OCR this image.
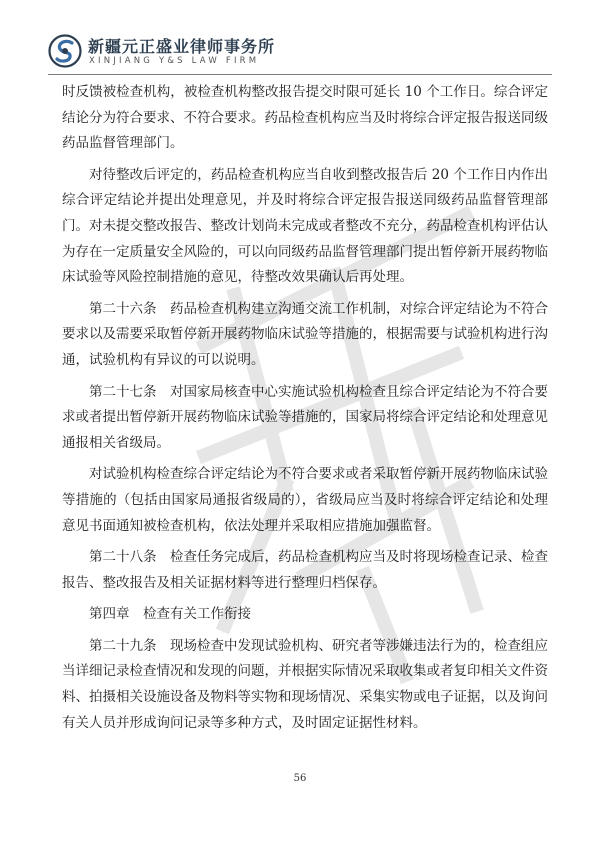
新疆元正盛业律师事务所
XINJIANG Y&S LAW FIRM

时反馈被检查机构，被检查机构整改报告提交时限可延长 10 个工作日。综合评定结论分为符合要求、不符合要求。药品检查机构应当及时将综合评定报告报送同级药品监督管理部门。

对待整改后评定的，药品检查机构应当自收到整改报告后 20 个工作日内作出综合评定结论并提出处理意见，并及时将综合评定报告报送同级药品监督管理部门。对未提交整改报告、整改计划尚未完成或者整改不充分，药品检查机构评估认为存在一定质量安全风险的，可以向同级药品监督管理部门提出暂停新开展药物临床试验等风险控制措施的意见，待整改效果确认后再处理。

第二十六条　药品检查机构建立沟通交流工作机制，对综合评定结论为不符合要求以及需要采取暂停新开展药物临床试验等措施的，根据需要与试验机构进行沟通，试验机构有异议的可以说明。

第二十七条　对国家局核查中心实施试验机构检查且综合评定结论为不符合要求或者提出暂停新开展药物临床试验等措施的，国家局将综合评定结论和处理意见通报相关省级局。

对试验机构检查综合评定结论为不符合要求或者采取暂停新开展药物临床试验等措施的（包括由国家局通报省级局的），省级局应当及时将综合评定结论和处理意见书面通知被检查机构，依法处理并采取相应措施加强监督。

第二十八条　检查任务完成后，药品检查机构应当及时将现场检查记录、检查报告、整改报告及相关证据材料等进行整理归档保存。

第四章　检查有关工作衔接

第二十九条　现场检查中发现试验机构、研究者等涉嫌违法行为的，检查组应当详细记录检查情况和发现的问题，并根据实际情况采取收集或者复印相关文件资料、拍摄相关设施设备及物料等实物和现场情况、采集实物或电子证据，以及询问有关人员并形成询问记录等多种方式，及时固定证据性材料。

56
